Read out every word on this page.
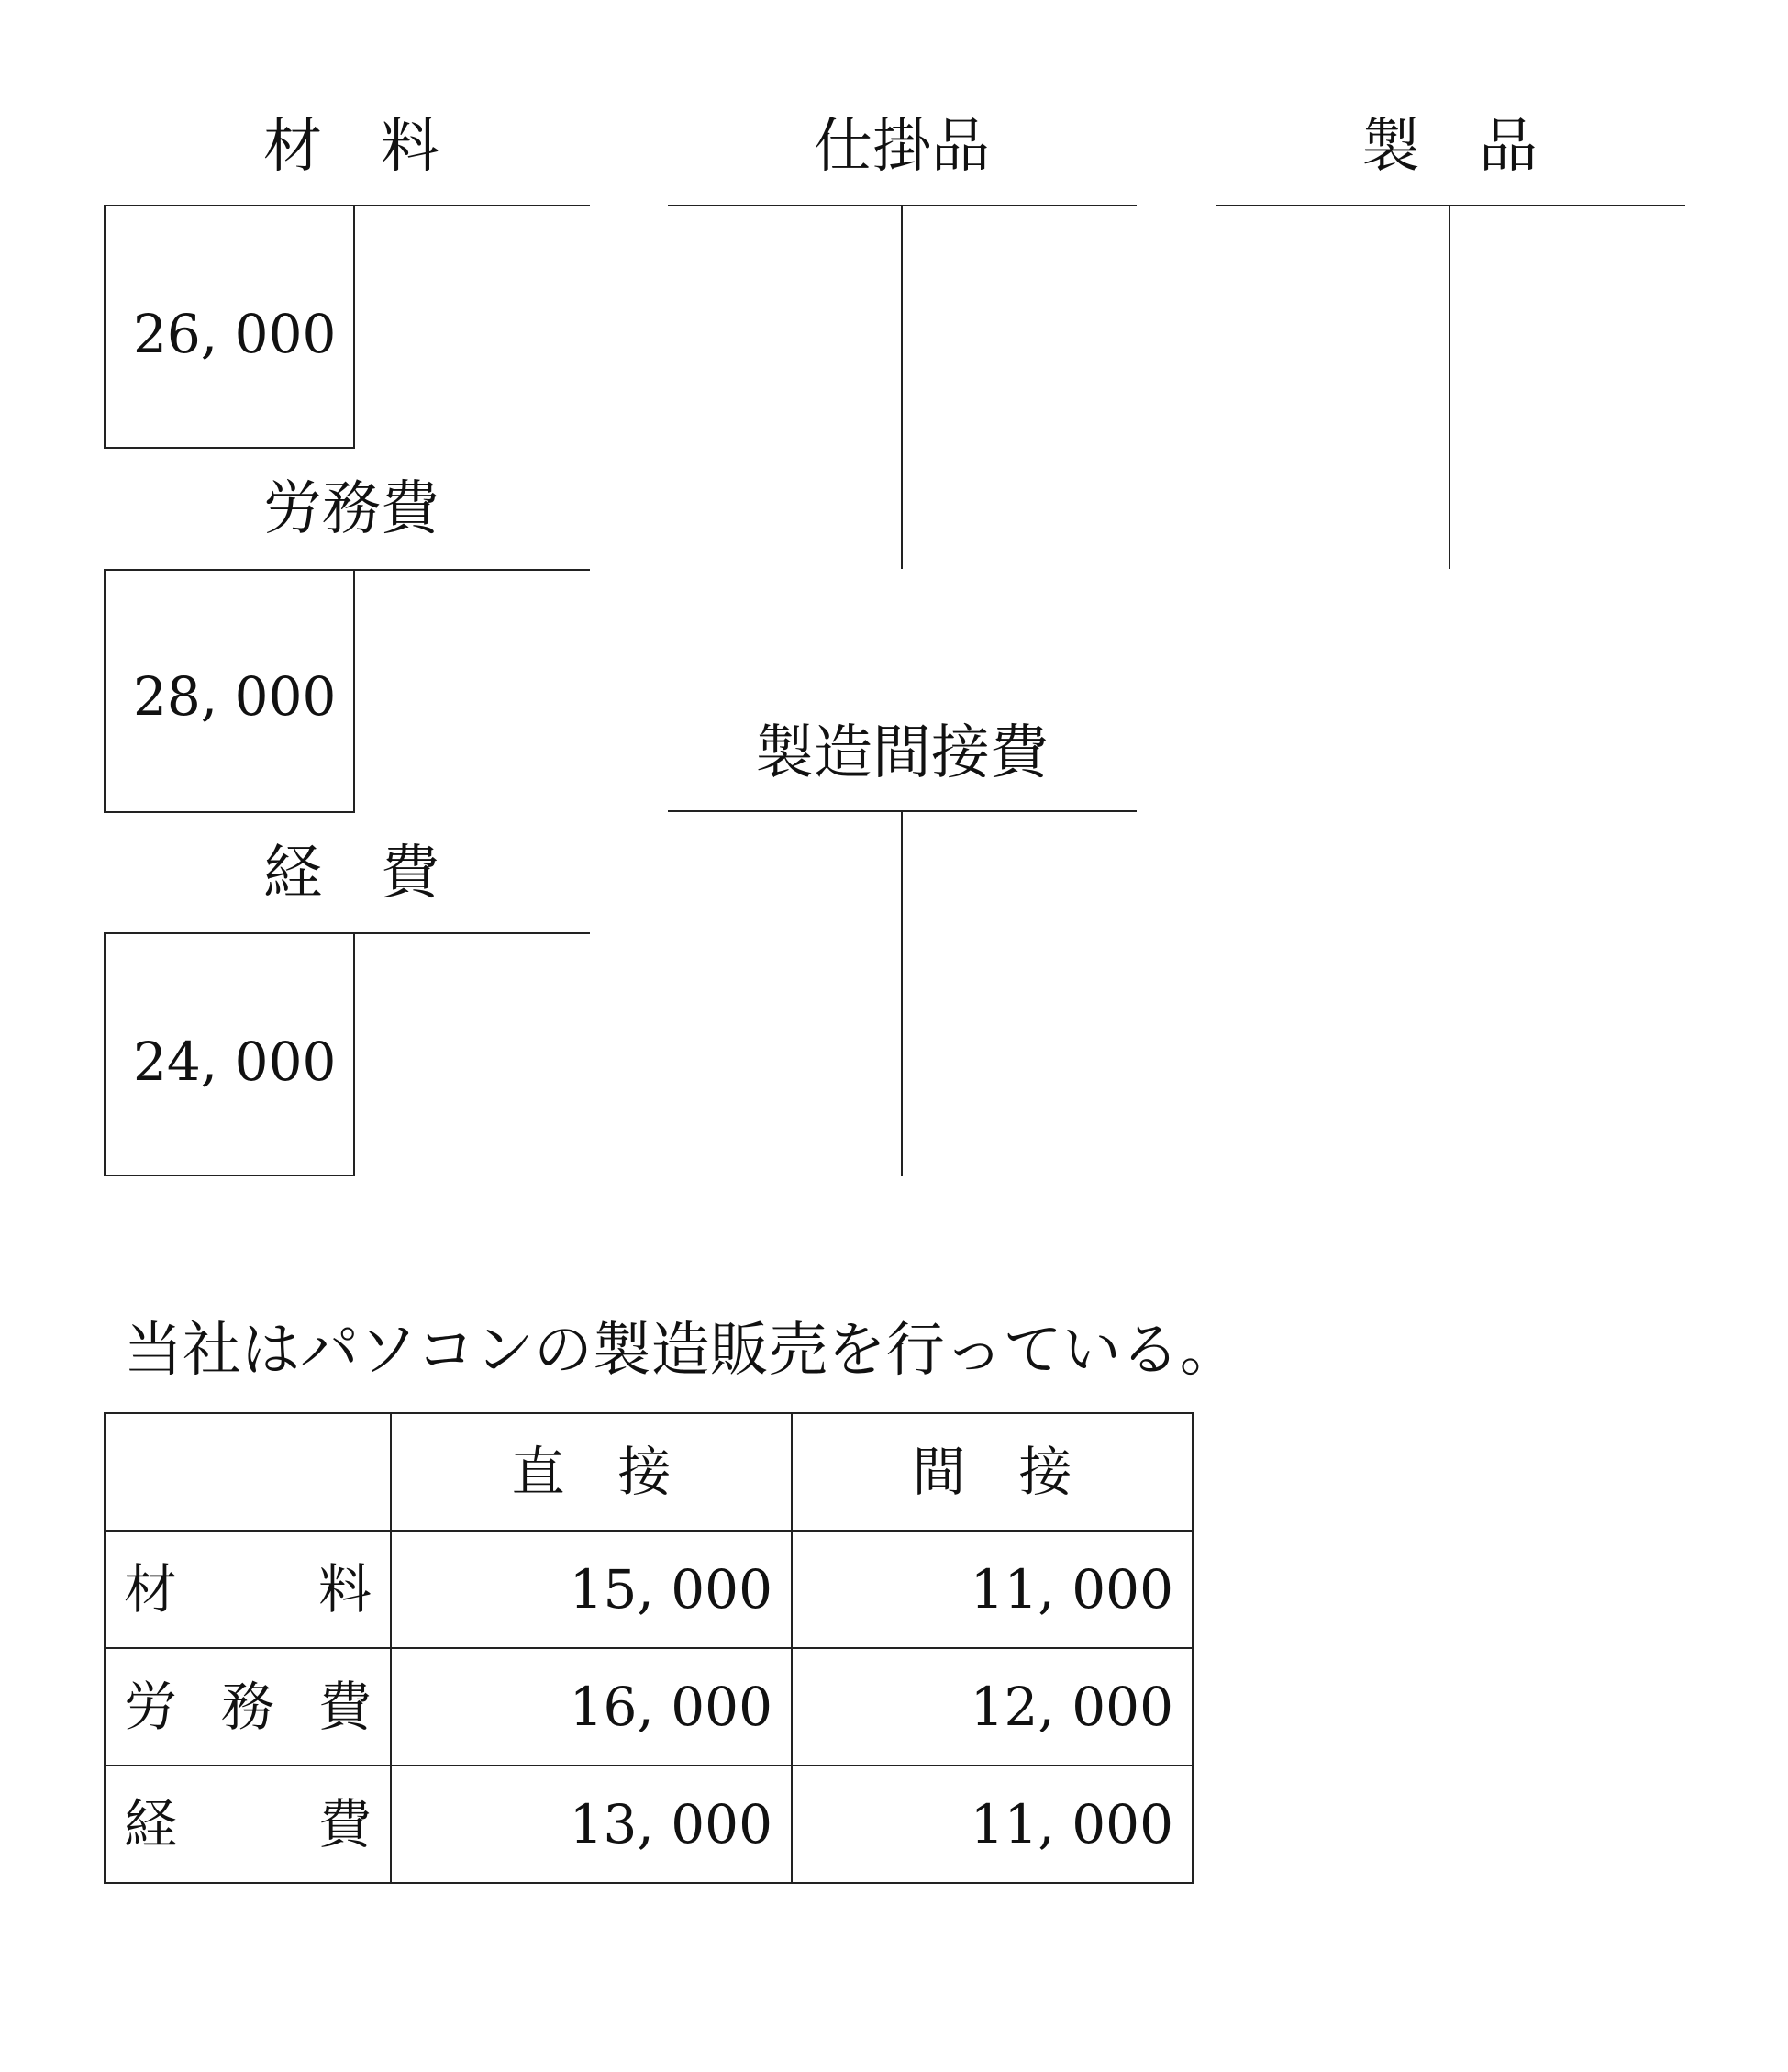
材　料
26, 000
労務費
28, 000
経　費
24, 000
仕掛品	製　品
製造間接費
当社はパソコンの製造販売を行っている。
	直　接	間　接
材料	15, 000	11, 000
労務費	16, 000	12, 000
経費	13, 000	11, 000
